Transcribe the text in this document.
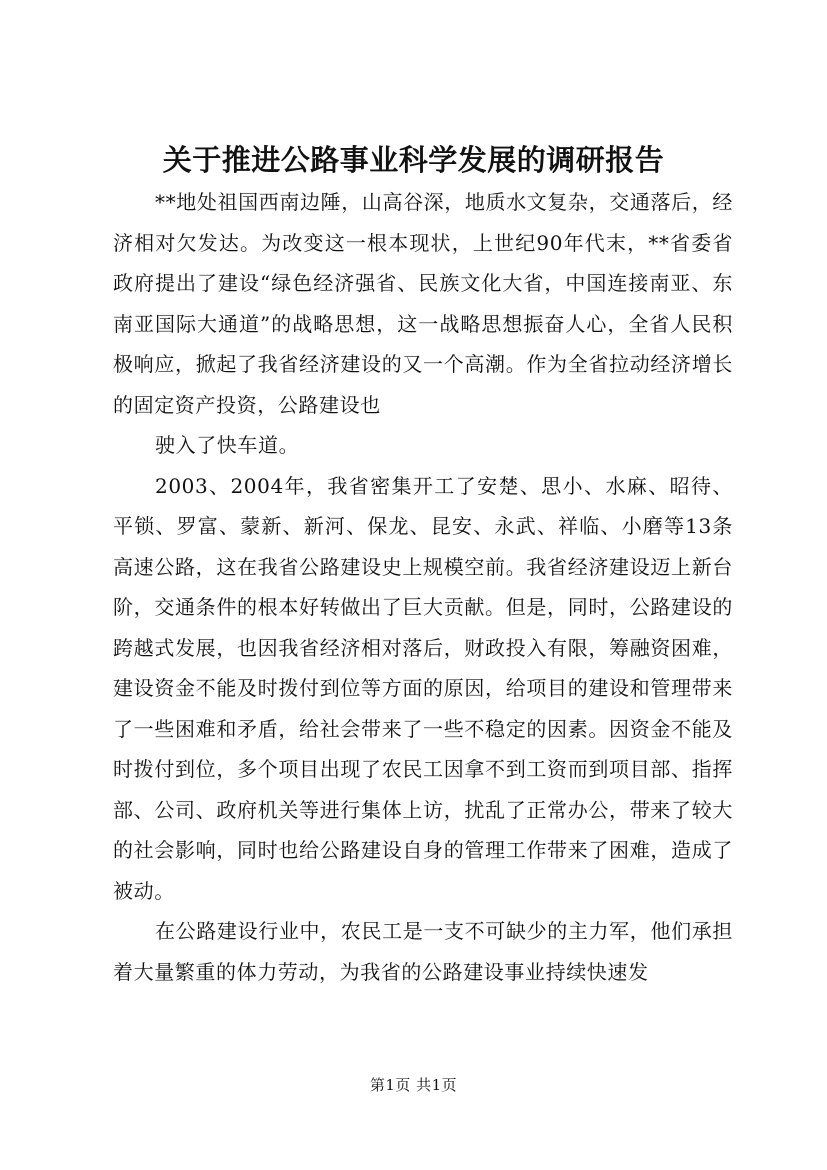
关于推进公路事业科学发展的调研报告

**地处祖国西南边陲，山高谷深，地质水文复杂，交通落后，经济相对欠发达。为改变这一根本现状，上世纪90年代末，**省委省政府提出了建设“绿色经济强省、民族文化大省，中国连接南亚、东南亚国际大通道”的战略思想，这一战略思想振奋人心，全省人民积极响应，掀起了我省经济建设的又一个高潮。作为全省拉动经济增长的固定资产投资，公路建设也

驶入了快车道。

2003、2004年，我省密集开工了安楚、思小、水麻、昭待、平锁、罗富、蒙新、新河、保龙、昆安、永武、祥临、小磨等13条高速公路，这在我省公路建设史上规模空前。我省经济建设迈上新台阶，交通条件的根本好转做出了巨大贡献。但是，同时，公路建设的跨越式发展，也因我省经济相对落后，财政投入有限，筹融资困难，建设资金不能及时拨付到位等方面的原因，给项目的建设和管理带来了一些困难和矛盾，给社会带来了一些不稳定的因素。因资金不能及时拨付到位，多个项目出现了农民工因拿不到工资而到项目部、指挥部、公司、政府机关等进行集体上访，扰乱了正常办公，带来了较大的社会影响，同时也给公路建设自身的管理工作带来了困难，造成了被动。

在公路建设行业中，农民工是一支不可缺少的主力军，他们承担着大量繁重的体力劳动，为我省的公路建设事业持续快速发

第1页 共1页
